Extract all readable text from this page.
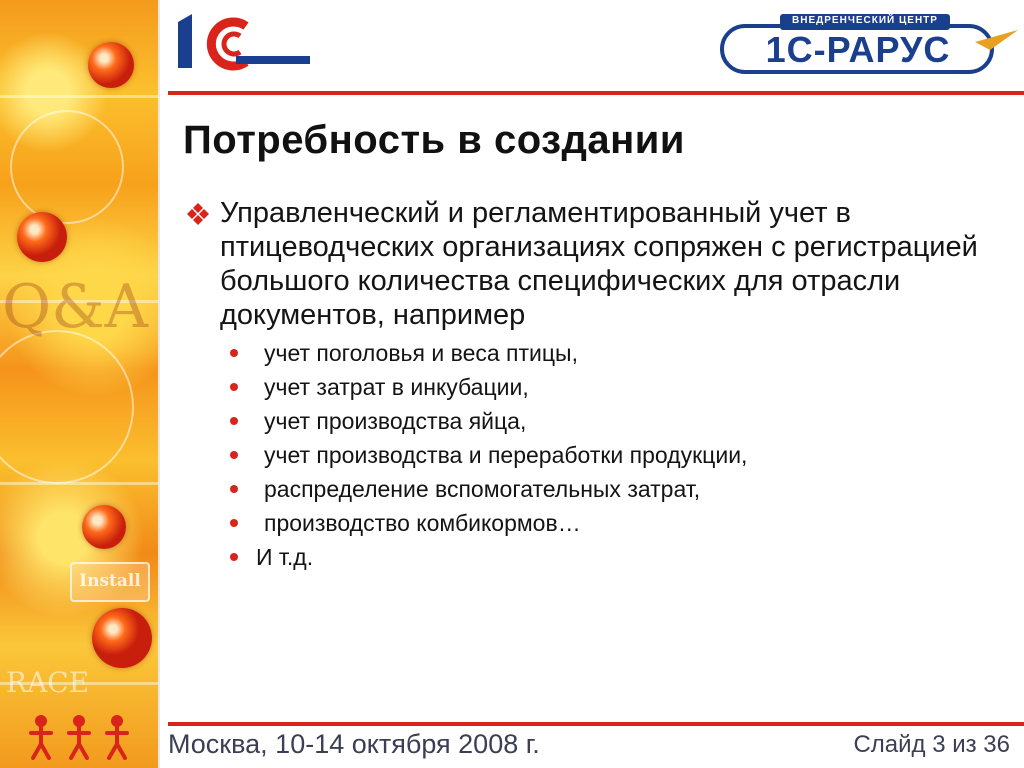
Q&A
Install
RACE
ВНЕДРЕНЧЕСКИЙ ЦЕНТР
1С-РАРУС
Потребность в создании

Управленческий и регламентированный учет в птицеводческих организациях сопряжен с регистрацией большого количества специфических для отрасли документов, например

учет поголовья и веса птицы,
учет затрат в инкубации,
учет производства яйца,
учет производства и переработки продукции,
распределение вспомогательных затрат,
производство комбикормов…
И т.д.
Москва, 10-14 октября 2008 г.	Слайд 3 из 36
